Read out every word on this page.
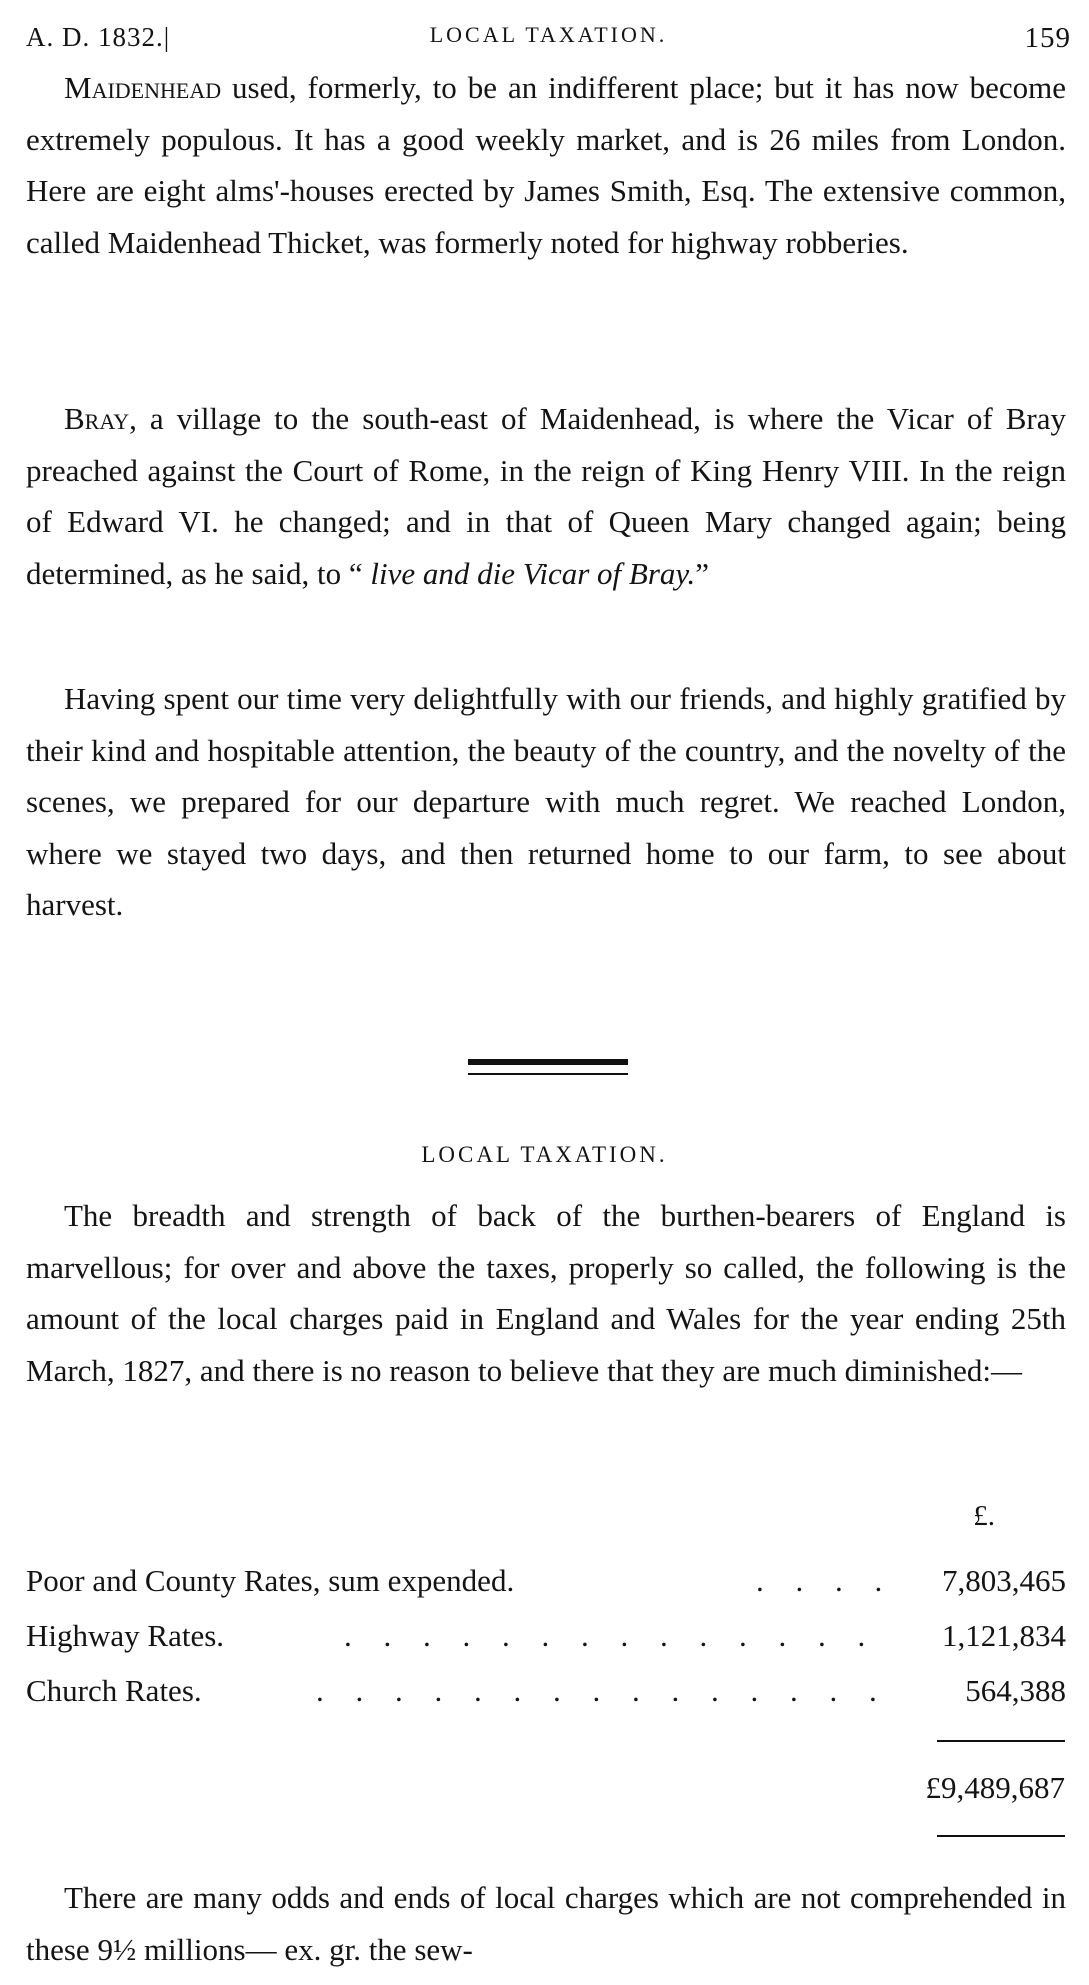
A. D. 1832.|	LOCAL TAXATION.	159

Maidenhead used, formerly, to be an indifferent place; but it has now become extremely populous. It has a good weekly market, and is 26 miles from London. Here are eight alms'-houses erected by James Smith, Esq. The extensive common, called Maidenhead Thicket, was formerly noted for highway robberies.

Bray, a village to the south-east of Maidenhead, is where the Vicar of Bray preached against the Court of Rome, in the reign of King Henry VIII. In the reign of Edward VI. he changed; and in that of Queen Mary changed again; being determined, as he said, to “ live and die Vicar of Bray.”

Having spent our time very delightfully with our friends, and highly gratified by their kind and hospitable attention, the beauty of the country, and the novelty of the scenes, we prepared for our departure with much regret. We reached London, where we stayed two days, and then returned home to our farm, to see about harvest.

LOCAL TAXATION.

The breadth and strength of back of the burthen-bearers of England is marvellous; for over and above the taxes, properly so called, the following is the amount of the local charges paid in England and Wales for the year ending 25th March, 1827, and there is no reason to believe that they are much diminished:—

£.
Poor and County Rates, sum expended.	. . . . 7,803,465
Highway Rates.	. . . . . . . . . . . . . . 1,121,834
Church Rates.	. . . . . . . . . . . . . . . 564,388
£9,489,687

There are many odds and ends of local charges which are not comprehended in these 9½ millions— ex. gr. the sew-
